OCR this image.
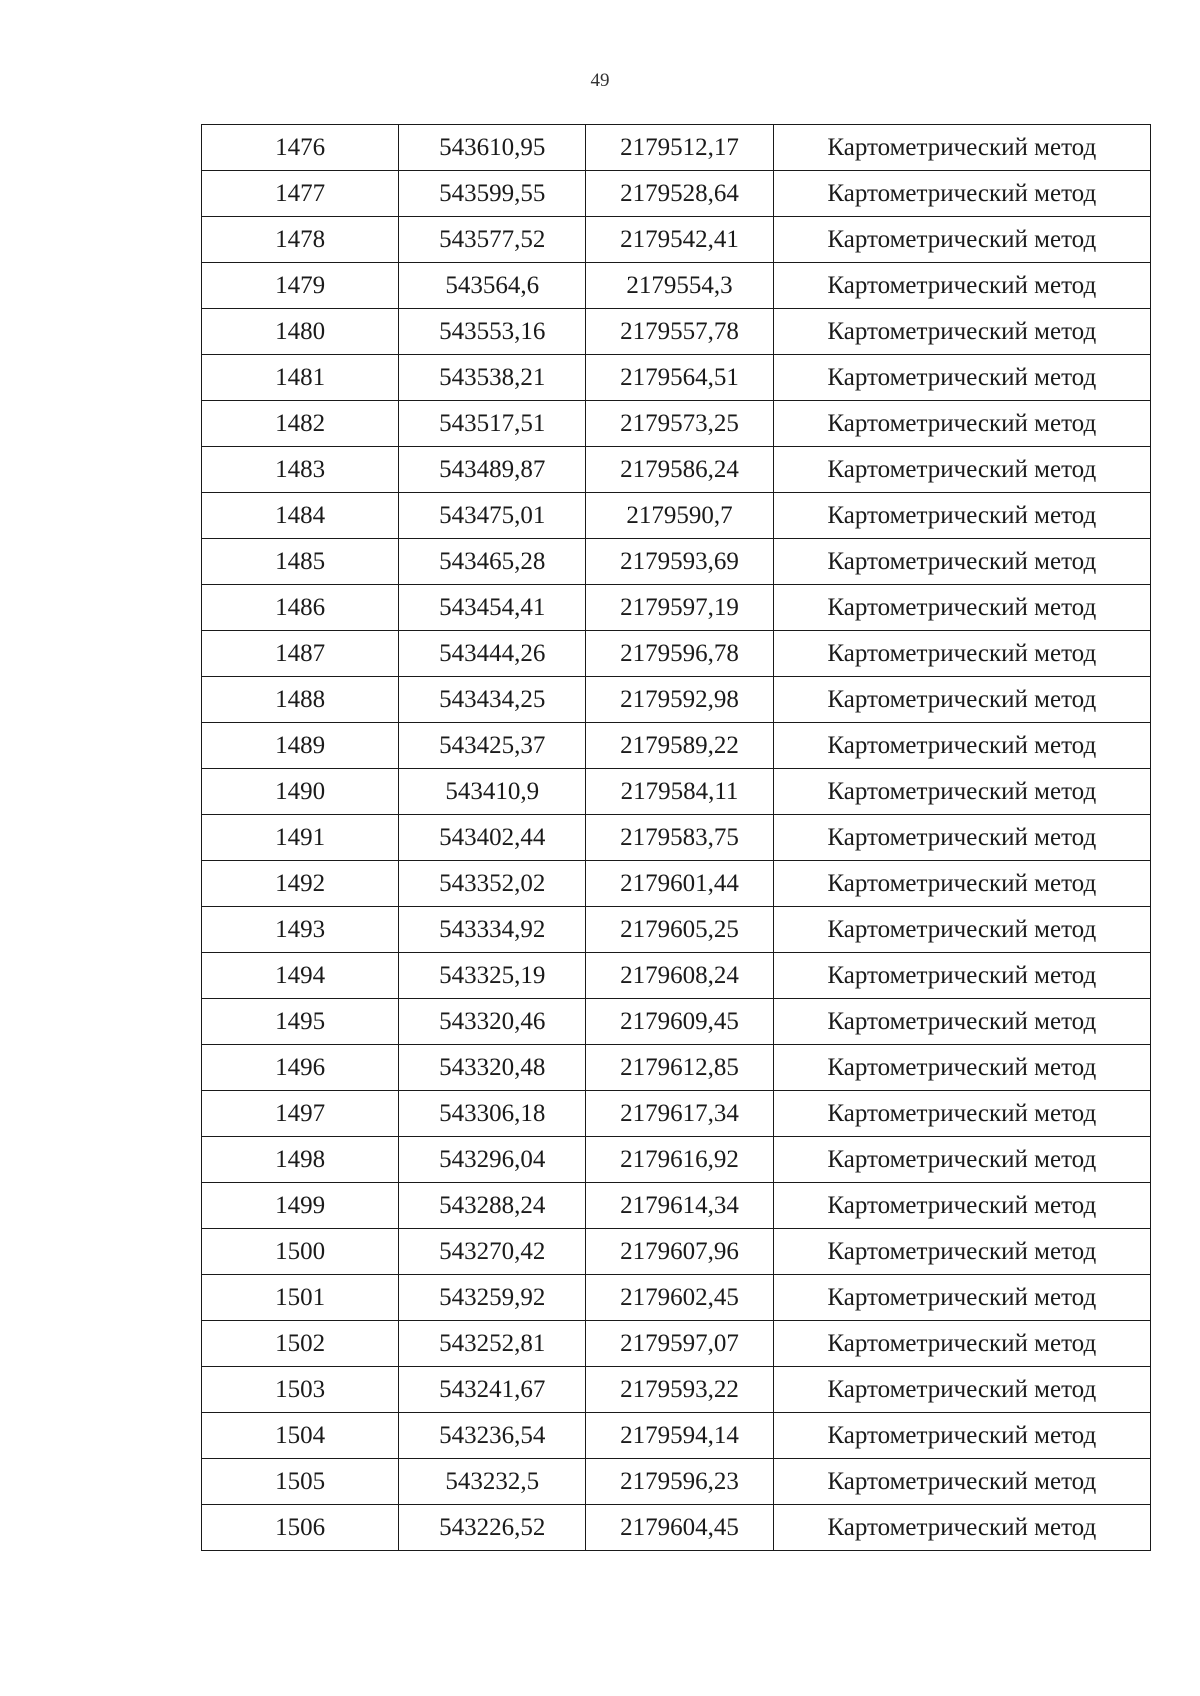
49
1476	543610,95	2179512,17	Картометрический метод
1477	543599,55	2179528,64	Картометрический метод
1478	543577,52	2179542,41	Картометрический метод
1479	543564,6	2179554,3	Картометрический метод
1480	543553,16	2179557,78	Картометрический метод
1481	543538,21	2179564,51	Картометрический метод
1482	543517,51	2179573,25	Картометрический метод
1483	543489,87	2179586,24	Картометрический метод
1484	543475,01	2179590,7	Картометрический метод
1485	543465,28	2179593,69	Картометрический метод
1486	543454,41	2179597,19	Картометрический метод
1487	543444,26	2179596,78	Картометрический метод
1488	543434,25	2179592,98	Картометрический метод
1489	543425,37	2179589,22	Картометрический метод
1490	543410,9	2179584,11	Картометрический метод
1491	543402,44	2179583,75	Картометрический метод
1492	543352,02	2179601,44	Картометрический метод
1493	543334,92	2179605,25	Картометрический метод
1494	543325,19	2179608,24	Картометрический метод
1495	543320,46	2179609,45	Картометрический метод
1496	543320,48	2179612,85	Картометрический метод
1497	543306,18	2179617,34	Картометрический метод
1498	543296,04	2179616,92	Картометрический метод
1499	543288,24	2179614,34	Картометрический метод
1500	543270,42	2179607,96	Картометрический метод
1501	543259,92	2179602,45	Картометрический метод
1502	543252,81	2179597,07	Картометрический метод
1503	543241,67	2179593,22	Картометрический метод
1504	543236,54	2179594,14	Картометрический метод
1505	543232,5	2179596,23	Картометрический метод
1506	543226,52	2179604,45	Картометрический метод
